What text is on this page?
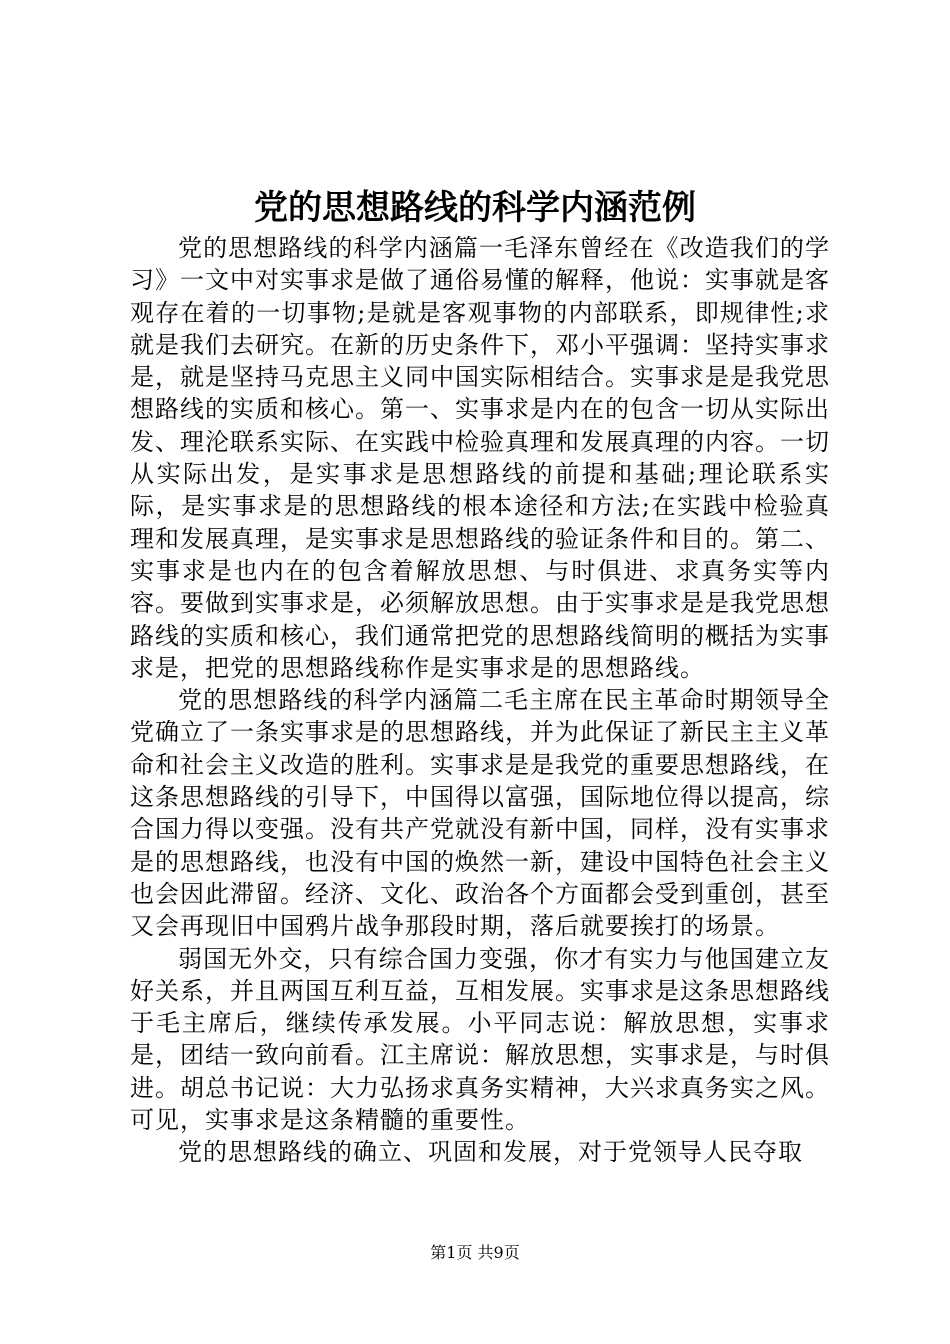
党的思想路线的科学内涵范例

党的思想路线的科学内涵篇一毛泽东曾经在《改造我们的学习》一文中对实事求是做了通俗易懂的解释，他说：实事就是客观存在着的一切事物;是就是客观事物的内部联系，即规律性;求就是我们去研究。在新的历史条件下，邓小平强调：坚持实事求是，就是坚持马克思主义同中国实际相结合。实事求是是我党思想路线的实质和核心。第一、实事求是内在的包含一切从实际出发、理沦联系实际、在实践中检验真理和发展真理的内容。一切从实际出发，是实事求是思想路线的前提和基础;理论联系实际，是实事求是的思想路线的根本途径和方法;在实践中检验真理和发展真理，是实事求是思想路线的验证条件和目的。第二、实事求是也内在的包含着解放思想、与时俱进、求真务实等内容。要做到实事求是，必须解放思想。由于实事求是是我党思想路线的实质和核心，我们通常把党的思想路线简明的概括为实事求是，把党的思想路线称作是实事求是的思想路线。

党的思想路线的科学内涵篇二毛主席在民主革命时期领导全党确立了一条实事求是的思想路线，并为此保证了新民主主义革命和社会主义改造的胜利。实事求是是我党的重要思想路线，在这条思想路线的引导下，中国得以富强，国际地位得以提高，综合国力得以变强。没有共产党就没有新中国，同样，没有实事求是的思想路线，也没有中国的焕然一新，建设中国特色社会主义也会因此滞留。经济、文化、政治各个方面都会受到重创，甚至又会再现旧中国鸦片战争那段时期，落后就要挨打的场景。

弱国无外交，只有综合国力变强，你才有实力与他国建立友好关系，并且两国互利互益，互相发展。实事求是这条思想路线于毛主席后，继续传承发展。小平同志说：解放思想，实事求是，团结一致向前看。江主席说：解放思想，实事求是，与时俱进。胡总书记说：大力弘扬求真务实精神，大兴求真务实之风。可见，实事求是这条精髓的重要性。

党的思想路线的确立、巩固和发展，对于党领导人民夺取

第1页 共9页
